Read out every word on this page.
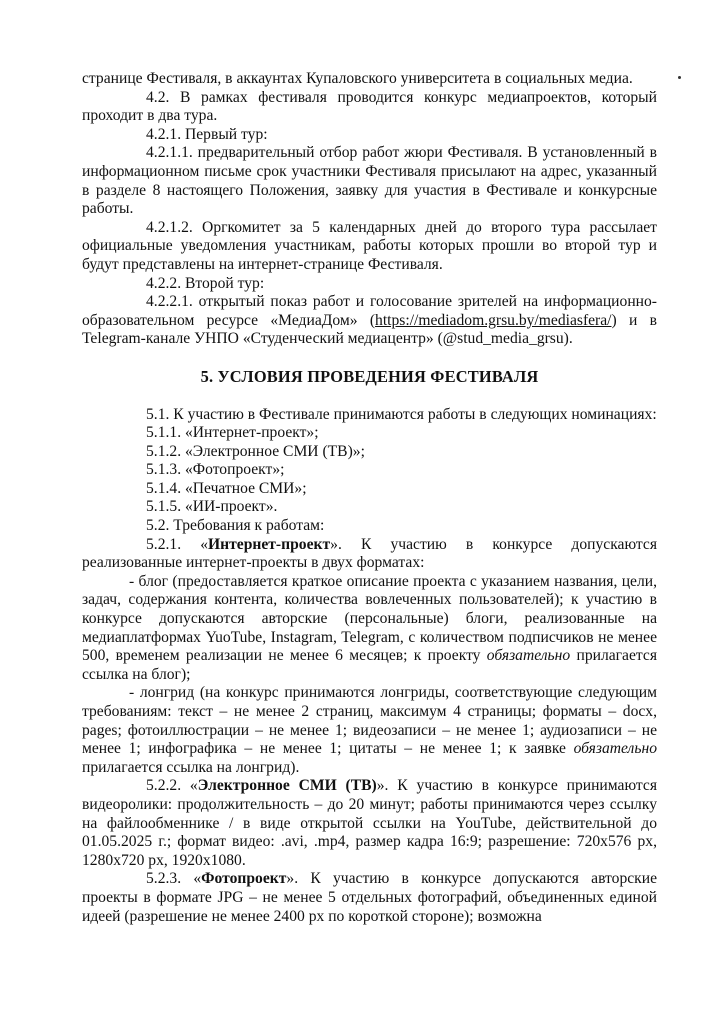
странице Фестиваля, в аккаунтах Купаловского университета в социальных медиа.

4.2. В рамках фестиваля проводится конкурс медиапроектов, который проходит в два тура.

4.2.1. Первый тур:

4.2.1.1. предварительный отбор работ жюри Фестиваля. В установленный в информационном письме срок участники Фестиваля присылают на адрес, указанный в разделе 8 настоящего Положения, заявку для участия в Фестивале и конкурсные работы.

4.2.1.2. Оргкомитет за 5 календарных дней до второго тура рассылает официальные уведомления участникам, работы которых прошли во второй тур и будут представлены на интернет-странице Фестиваля.

4.2.2. Второй тур:

4.2.2.1. открытый показ работ и голосование зрителей на информационно-образовательном ресурсе «МедиаДом» (https://mediadom.grsu.by/mediasfera/) и в Telegram-канале УНПО «Студенческий медиацентр» (@stud_media_grsu).

5. УСЛОВИЯ ПРОВЕДЕНИЯ ФЕСТИВАЛЯ

5.1. К участию в Фестивале принимаются работы в следующих номинациях:

5.1.1. «Интернет-проект»;

5.1.2. «Электронное СМИ (ТВ)»;

5.1.3. «Фотопроект»;

5.1.4. «Печатное СМИ»;

5.1.5. «ИИ-проект».

5.2. Требования к работам:

5.2.1. «Интернет-проект». К участию в конкурсе допускаются реализованные интернет-проекты в двух форматах:

- блог (предоставляется краткое описание проекта с указанием названия, цели, задач, содержания контента, количества вовлеченных пользователей); к участию в конкурсе допускаются авторские (персональные) блоги, реализованные на медиаплатформах YuoTube, Instagram, Telegram, с количеством подписчиков не менее 500, временем реализации не менее 6 месяцев; к проекту обязательно прилагается ссылка на блог);

- лонгрид (на конкурс принимаются лонгриды, соответствующие следующим требованиям: текст – не менее 2 страниц, максимум 4 страницы; форматы – docx, pages; фотоиллюстрации – не менее 1; видеозаписи – не менее 1; аудиозаписи – не менее 1; инфографика – не менее 1; цитаты – не менее 1; к заявке обязательно прилагается ссылка на лонгрид).

5.2.2. «Электронное СМИ (ТВ)». К участию в конкурсе принимаются видеоролики: продолжительность – до 20 минут; работы принимаются через ссылку на файлообменнике / в виде открытой ссылки на YouTube, действительной до 01.05.2025 г.; формат видео: .avi, .mp4, размер кадра 16:9; разрешение: 720x576 px, 1280x720 px, 1920x1080.

5.2.3. «Фотопроект». К участию в конкурсе допускаются авторские проекты в формате JPG – не менее 5 отдельных фотографий, объединенных единой идеей (разрешение не менее 2400 px по короткой стороне); возможна
